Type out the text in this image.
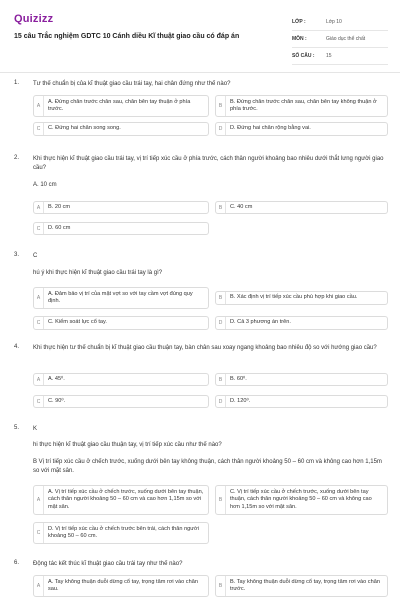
Quizizz
15 câu Trắc nghiệm GDTC 10 Cánh diều Kĩ thuật giao cầu có đáp án
LỚP :	Lớp 10
MÔN :	Giáo dục thể chất
SỐ CÂU :	15
1. Tư thế chuẩn bị của kĩ thuật giao cầu trái tay, hai chân đứng như thế nào?
A
A. Đứng chân trước chân sau, chân bên tay thuận ở phía trước.	B
B. Đứng chân trước chân sau, chân bên tay không thuận ở phía trước.
C	C. Đứng hai chân song song.	D	D. Đứng hai chân rộng bằng vai.
2. Khi thực hiện kĩ thuật giao cầu trái tay, vị trí tiếp xúc cầu ở phía trước, cách thân người khoảng bao nhiêu dưới thắt lưng người giao cầu?
A. 10 cm
A	B. 20 cm	B	C. 40 cm
C	D. 60 cm
3. C
hú ý khi thực hiện kĩ thuật giao cầu trái tay là gì?
A
A. Đảm bảo vị trí của mặt vợt so với tay cầm vợt đúng quy định.	B	B. Xác định vị trí tiếp xúc cầu phù hợp khi giao cầu.
C	C. Kiểm soát lực cổ tay.	D	D. Cả 3 phương án trên.
4. Khi thực hiện tư thế chuẩn bị kĩ thuật giao cầu thuận tay, bàn chân sau xoay ngang khoảng bao nhiêu độ so với hướng giao cầu?
A	A. 45⁰.	B	B. 60⁰.
C	C. 90⁰.	D	D. 120⁰.
5. K
hi thực hiện kĩ thuật giao cầu thuận tay, vị trí tiếp xúc cầu như thế nào?
B Vị trí tiếp xúc cầu ở chếch trước, xuống dưới bên tay không thuận, cách thân người khoảng 50 – 60 cm và không cao hơn 1,15m so với mặt sân.
A
A. Vị trí tiếp xúc cầu ở chếch trước, xuống dưới bên tay thuận, cách thân người khoảng 50 – 60 cm và cao hơn 1,15m so với mặt sân.
B
C. Vị trí tiếp xúc cầu ở chếch trước, xuống dưới bên tay thuận, cách thân người khoảng 50 – 60 cm và không cao hơn 1,15m so với mặt sân.
C
D. Vị trí tiếp xúc cầu ở chếch trước bên trái, cách thân người khoảng 50 – 60 cm.
6. Động tác kết thúc kĩ thuật giao cầu trái tay như thế nào?
A
A. Tay không thuận duỗi dừng cổ tay, trọng tâm rơi vào chân sau.	B
B. Tay không thuận duỗi dừng cổ tay, trọng tâm rơi vào chân trước.
